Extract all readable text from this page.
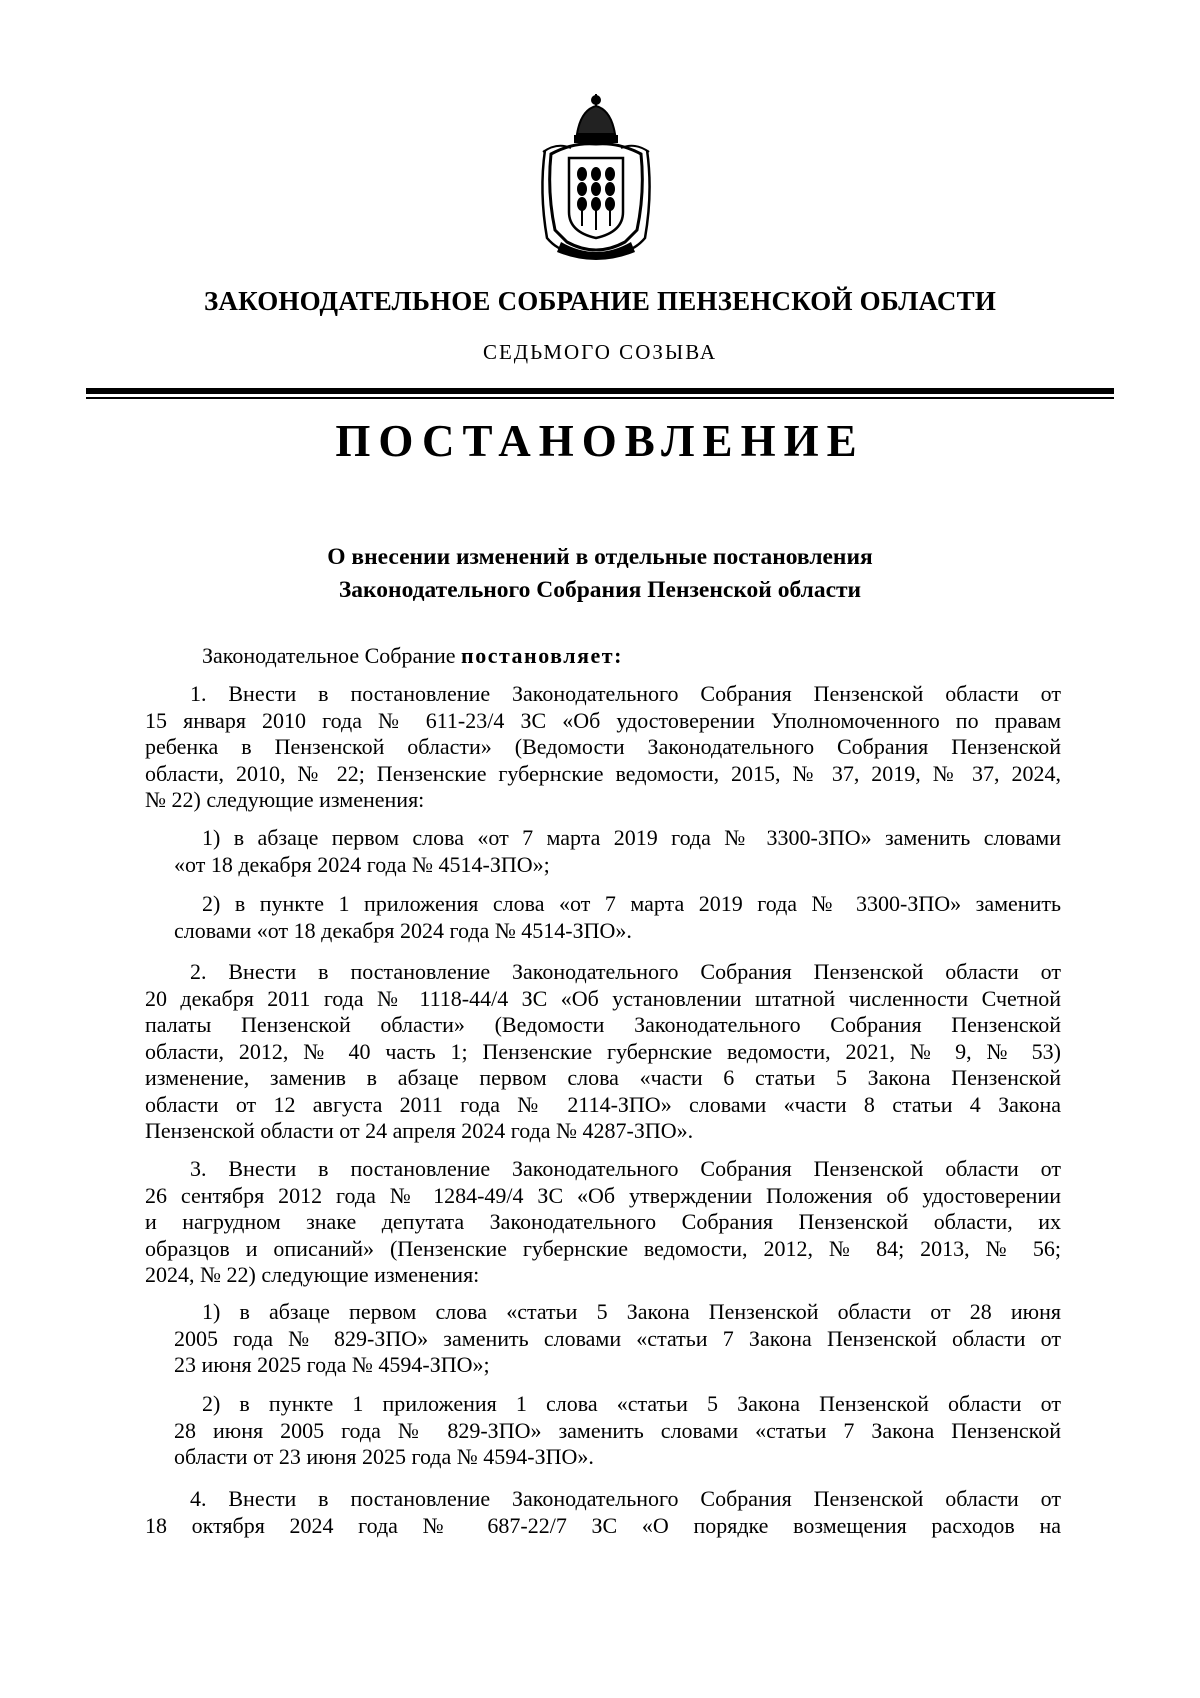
ЗАКОНОДАТЕЛЬНОЕ СОБРАНИЕ ПЕНЗЕНСКОЙ ОБЛАСТИ
СЕДЬМОГО СОЗЫВА
ПОСТАНОВЛЕНИЕ
О внесении изменений в отдельные постановления
Законодательного Собрания Пензенской области
Законодательное Собрание постановляет:
1. Внести в постановление Законодательного Собрания Пензенской области от
15 января 2010 года № 611-23/4 ЗС «Об удостоверении Уполномоченного по правам
ребенка в Пензенской области» (Ведомости Законодательного Собрания Пензенской
области, 2010, № 22; Пензенские губернские ведомости, 2015, № 37, 2019, № 37, 2024,
№ 22) следующие изменения:
1) в абзаце первом слова «от 7 марта 2019 года № 3300-ЗПО» заменить словами
«от 18 декабря 2024 года № 4514-ЗПО»;
2) в пункте 1 приложения слова «от 7 марта 2019 года № 3300-ЗПО» заменить
словами «от 18 декабря 2024 года № 4514-ЗПО».
2. Внести в постановление Законодательного Собрания Пензенской области от
20 декабря 2011 года № 1118-44/4 ЗС «Об установлении штатной численности Счетной
палаты Пензенской области» (Ведомости Законодательного Собрания Пензенской
области, 2012, № 40 часть 1; Пензенские губернские ведомости, 2021, № 9, № 53)
изменение, заменив в абзаце первом слова «части 6 статьи 5 Закона Пензенской
области от 12 августа 2011 года № 2114-ЗПО» словами «части 8 статьи 4 Закона
Пензенской области от 24 апреля 2024 года № 4287-ЗПО».
3. Внести в постановление Законодательного Собрания Пензенской области от
26 сентября 2012 года № 1284-49/4 ЗС «Об утверждении Положения об удостоверении
и нагрудном знаке депутата Законодательного Собрания Пензенской области, их
образцов и описаний» (Пензенские губернские ведомости, 2012, № 84; 2013, № 56;
2024, № 22) следующие изменения:
1) в абзаце первом слова «статьи 5 Закона Пензенской области от 28 июня
2005 года № 829-ЗПО» заменить словами «статьи 7 Закона Пензенской области от
23 июня 2025 года № 4594-ЗПО»;
2) в пункте 1 приложения 1 слова «статьи 5 Закона Пензенской области от
28 июня 2005 года № 829-ЗПО» заменить словами «статьи 7 Закона Пензенской
области от 23 июня 2025 года № 4594-ЗПО».
4. Внести в постановление Законодательного Собрания Пензенской области от
18 октября 2024 года № 687-22/7 ЗС «О порядке возмещения расходов на
